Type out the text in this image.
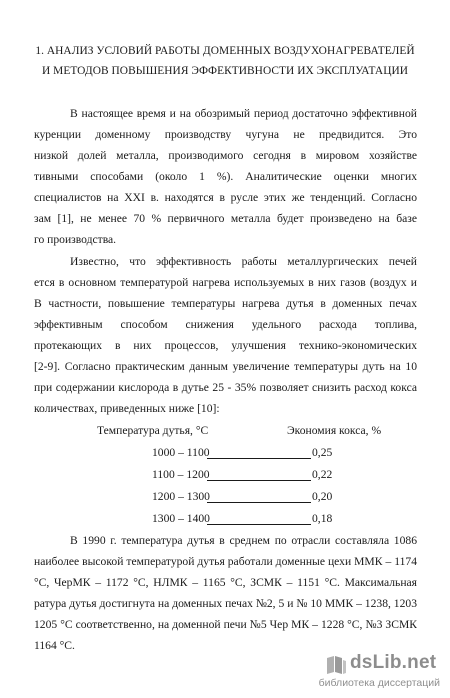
1. АНАЛИЗ УСЛОВИЙ РАБОТЫ ДОМЕННЫХ ВОЗДУХОНАГРЕВАТЕЛЕЙ
И МЕТОДОВ ПОВЫШЕНИЯ ЭФФЕКТИВНОСТИ ИХ ЭКСПЛУАТАЦИИ
В настоящее время и на обозримый период достаточно эффективной
куренции доменному производству чугуна не предвидится. Это
низкой долей металла, производимого сегодня в мировом хозяйстве
тивными способами (около 1 %). Аналитические оценки многих
специалистов на XXI в. находятся в русле этих же тенденций. Согласно
зам [1], не менее 70 % первичного металла будет произведено на базе
го производства.
Известно, что эффективность работы металлургических печей
ется в основном температурой нагрева используемых в них газов (воздух и
В частности, повышение температуры нагрева дутья в доменных печах
эффективным способом снижения удельного расхода топлива,
протекающих в них процессов, улучшения технико-экономических
[2-9]. Согласно практическим данным увеличение температуры дуть на 10
при содержании кислорода в дутье 25 - 35% позволяет снизить расход кокса
количествах, приведенных ниже [10]:
Температура дутья, °С	Экономия кокса, %
1000 – 1100	0,25
1100 – 1200	0,22
1200 – 1300	0,20
1300 – 1400	0,18
В 1990 г. температура дутья в среднем по отрасли составляла 1086
наиболее высокой температурой дутья работали доменные цехи ММК – 1174
°С, ЧерМК – 1172 °С, НЛМК – 1165 °С, ЗСМК – 1151 °С. Максимальная
ратура дутья достигнута на доменных печах №2, 5 и № 10 ММК – 1238, 1203
1205 °С соответственно, на доменной печи №5 Чер МК – 1228 °С, №3 ЗСМК
1164 °С.
dsLib.net
библиотека диссертаций
